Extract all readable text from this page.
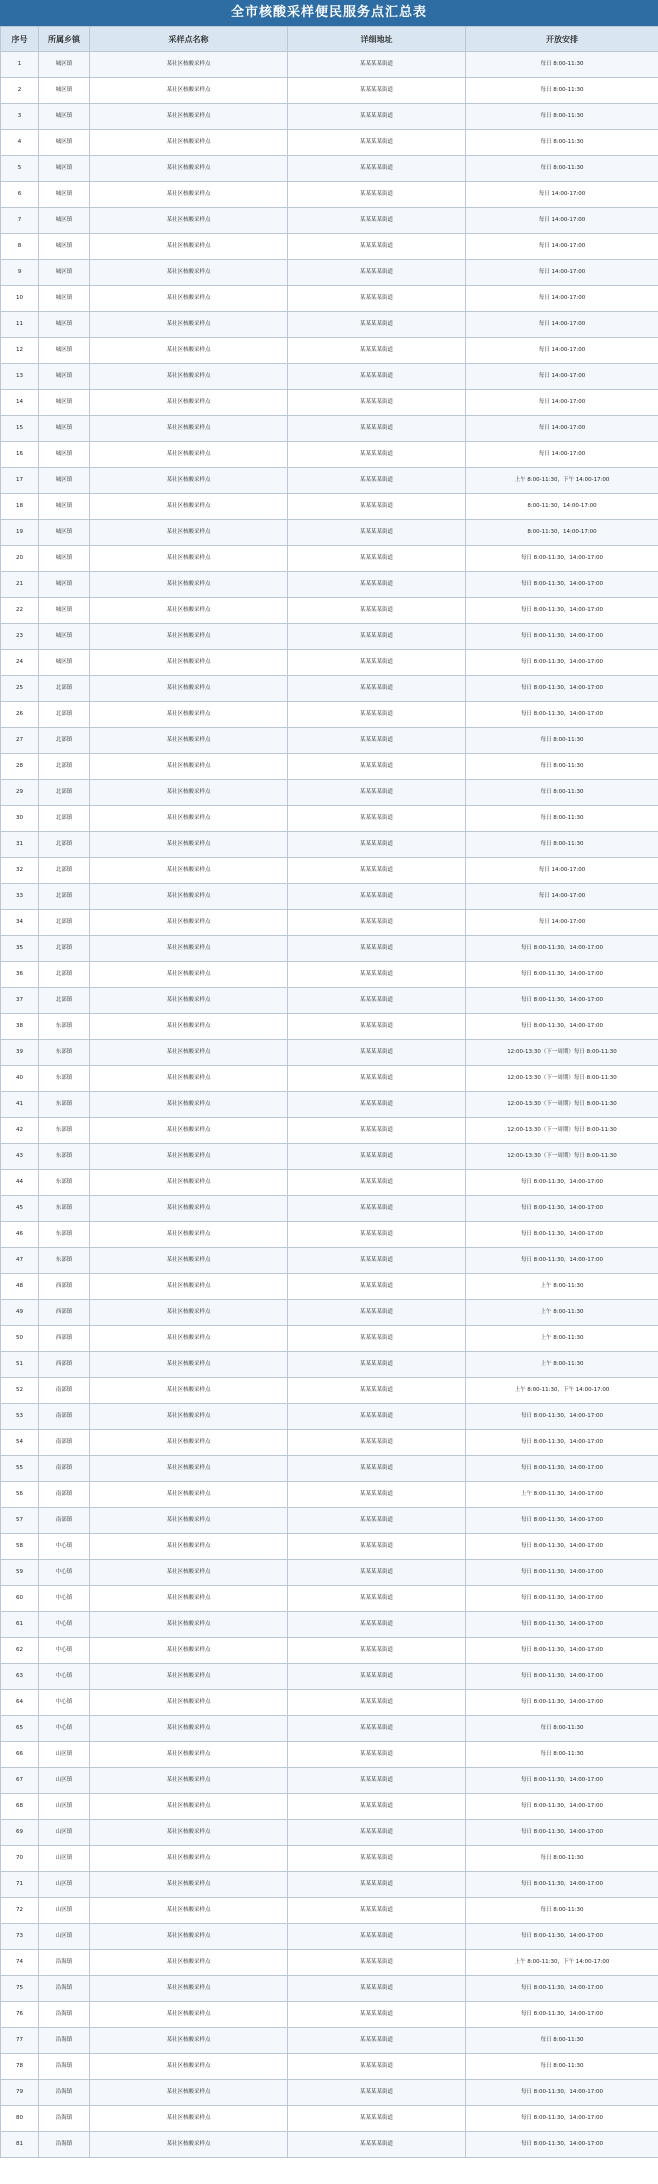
全市核酸采样便民服务点汇总表
序号	所属乡镇	采样点名称	详细地址	开放安排
1	城区镇	某社区核酸采样点	某某某某街道	每日 8:00-11:30
2	城区镇	某社区核酸采样点	某某某某街道	每日 8:00-11:30
3	城区镇	某社区核酸采样点	某某某某街道	每日 8:00-11:30
4	城区镇	某社区核酸采样点	某某某某街道	每日 8:00-11:30
5	城区镇	某社区核酸采样点	某某某某街道	每日 8:00-11:30
6	城区镇	某社区核酸采样点	某某某某街道	每日 14:00-17:00
7	城区镇	某社区核酸采样点	某某某某街道	每日 14:00-17:00
8	城区镇	某社区核酸采样点	某某某某街道	每日 14:00-17:00
9	城区镇	某社区核酸采样点	某某某某街道	每日 14:00-17:00
10	城区镇	某社区核酸采样点	某某某某街道	每日 14:00-17:00
11	城区镇	某社区核酸采样点	某某某某街道	每日 14:00-17:00
12	城区镇	某社区核酸采样点	某某某某街道	每日 14:00-17:00
13	城区镇	某社区核酸采样点	某某某某街道	每日 14:00-17:00
14	城区镇	某社区核酸采样点	某某某某街道	每日 14:00-17:00
15	城区镇	某社区核酸采样点	某某某某街道	每日 14:00-17:00
16	城区镇	某社区核酸采样点	某某某某街道	每日 14:00-17:00
17	城区镇	某社区核酸采样点	某某某某街道	上午 8:00-11:30，下午 14:00-17:00
18	城区镇	某社区核酸采样点	某某某某街道	8:00-11:30，14:00-17:00
19	城区镇	某社区核酸采样点	某某某某街道	8:00-11:30，14:00-17:00
20	城区镇	某社区核酸采样点	某某某某街道	每日 8:00-11:30，14:00-17:00
21	城区镇	某社区核酸采样点	某某某某街道	每日 8:00-11:30，14:00-17:00
22	城区镇	某社区核酸采样点	某某某某街道	每日 8:00-11:30，14:00-17:00
23	城区镇	某社区核酸采样点	某某某某街道	每日 8:00-11:30，14:00-17:00
24	城区镇	某社区核酸采样点	某某某某街道	每日 8:00-11:30，14:00-17:00
25	北部镇	某社区核酸采样点	某某某某街道	每日 8:00-11:30，14:00-17:00
26	北部镇	某社区核酸采样点	某某某某街道	每日 8:00-11:30，14:00-17:00
27	北部镇	某社区核酸采样点	某某某某街道	每日 8:00-11:30
28	北部镇	某社区核酸采样点	某某某某街道	每日 8:00-11:30
29	北部镇	某社区核酸采样点	某某某某街道	每日 8:00-11:30
30	北部镇	某社区核酸采样点	某某某某街道	每日 8:00-11:30
31	北部镇	某社区核酸采样点	某某某某街道	每日 8:00-11:30
32	北部镇	某社区核酸采样点	某某某某街道	每日 14:00-17:00
33	北部镇	某社区核酸采样点	某某某某街道	每日 14:00-17:00
34	北部镇	某社区核酸采样点	某某某某街道	每日 14:00-17:00
35	北部镇	某社区核酸采样点	某某某某街道	每日 8:00-11:30，14:00-17:00
36	北部镇	某社区核酸采样点	某某某某街道	每日 8:00-11:30，14:00-17:00
37	北部镇	某社区核酸采样点	某某某某街道	每日 8:00-11:30，14:00-17:00
38	东部镇	某社区核酸采样点	某某某某街道	每日 8:00-11:30，14:00-17:00
39	东部镇	某社区核酸采样点	某某某某街道	12:00-13:30（下一周期）每日 8:00-11:30
40	东部镇	某社区核酸采样点	某某某某街道	12:00-13:30（下一周期）每日 8:00-11:30
41	东部镇	某社区核酸采样点	某某某某街道	12:00-13:30（下一周期）每日 8:00-11:30
42	东部镇	某社区核酸采样点	某某某某街道	12:00-13:30（下一周期）每日 8:00-11:30
43	东部镇	某社区核酸采样点	某某某某街道	12:00-13:30（下一周期）每日 8:00-11:30
44	东部镇	某社区核酸采样点	某某某某街道	每日 8:00-11:30，14:00-17:00
45	东部镇	某社区核酸采样点	某某某某街道	每日 8:00-11:30，14:00-17:00
46	东部镇	某社区核酸采样点	某某某某街道	每日 8:00-11:30，14:00-17:00
47	东部镇	某社区核酸采样点	某某某某街道	每日 8:00-11:30，14:00-17:00
48	西部镇	某社区核酸采样点	某某某某街道	上午 8:00-11:30
49	西部镇	某社区核酸采样点	某某某某街道	上午 8:00-11:30
50	西部镇	某社区核酸采样点	某某某某街道	上午 8:00-11:30
51	西部镇	某社区核酸采样点	某某某某街道	上午 8:00-11:30
52	南部镇	某社区核酸采样点	某某某某街道	上午 8:00-11:30，下午 14:00-17:00
53	南部镇	某社区核酸采样点	某某某某街道	每日 8:00-11:30，14:00-17:00
54	南部镇	某社区核酸采样点	某某某某街道	每日 8:00-11:30，14:00-17:00
55	南部镇	某社区核酸采样点	某某某某街道	每日 8:00-11:30，14:00-17:00
56	南部镇	某社区核酸采样点	某某某某街道	上午 8:00-11:30，14:00-17:00
57	南部镇	某社区核酸采样点	某某某某街道	每日 8:00-11:30，14:00-17:00
58	中心镇	某社区核酸采样点	某某某某街道	每日 8:00-11:30，14:00-17:00
59	中心镇	某社区核酸采样点	某某某某街道	每日 8:00-11:30，14:00-17:00
60	中心镇	某社区核酸采样点	某某某某街道	每日 8:00-11:30，14:00-17:00
61	中心镇	某社区核酸采样点	某某某某街道	每日 8:00-11:30，14:00-17:00
62	中心镇	某社区核酸采样点	某某某某街道	每日 8:00-11:30，14:00-17:00
63	中心镇	某社区核酸采样点	某某某某街道	每日 8:00-11:30，14:00-17:00
64	中心镇	某社区核酸采样点	某某某某街道	每日 8:00-11:30，14:00-17:00
65	中心镇	某社区核酸采样点	某某某某街道	每日 8:00-11:30
66	山区镇	某社区核酸采样点	某某某某街道	每日 8:00-11:30
67	山区镇	某社区核酸采样点	某某某某街道	每日 8:00-11:30，14:00-17:00
68	山区镇	某社区核酸采样点	某某某某街道	每日 8:00-11:30，14:00-17:00
69	山区镇	某社区核酸采样点	某某某某街道	每日 8:00-11:30，14:00-17:00
70	山区镇	某社区核酸采样点	某某某某街道	每日 8:00-11:30
71	山区镇	某社区核酸采样点	某某某某街道	每日 8:00-11:30，14:00-17:00
72	山区镇	某社区核酸采样点	某某某某街道	每日 8:00-11:30
73	山区镇	某社区核酸采样点	某某某某街道	每日 8:00-11:30，14:00-17:00
74	沿海镇	某社区核酸采样点	某某某某街道	上午 8:00-11:30，下午 14:00-17:00
75	沿海镇	某社区核酸采样点	某某某某街道	每日 8:00-11:30，14:00-17:00
76	沿海镇	某社区核酸采样点	某某某某街道	每日 8:00-11:30，14:00-17:00
77	沿海镇	某社区核酸采样点	某某某某街道	每日 8:00-11:30
78	沿海镇	某社区核酸采样点	某某某某街道	每日 8:00-11:30
79	沿海镇	某社区核酸采样点	某某某某街道	每日 8:00-11:30，14:00-17:00
80	沿海镇	某社区核酸采样点	某某某某街道	每日 8:00-11:30，14:00-17:00
81	沿海镇	某社区核酸采样点	某某某某街道	每日 8:00-11:30，14:00-17:00
